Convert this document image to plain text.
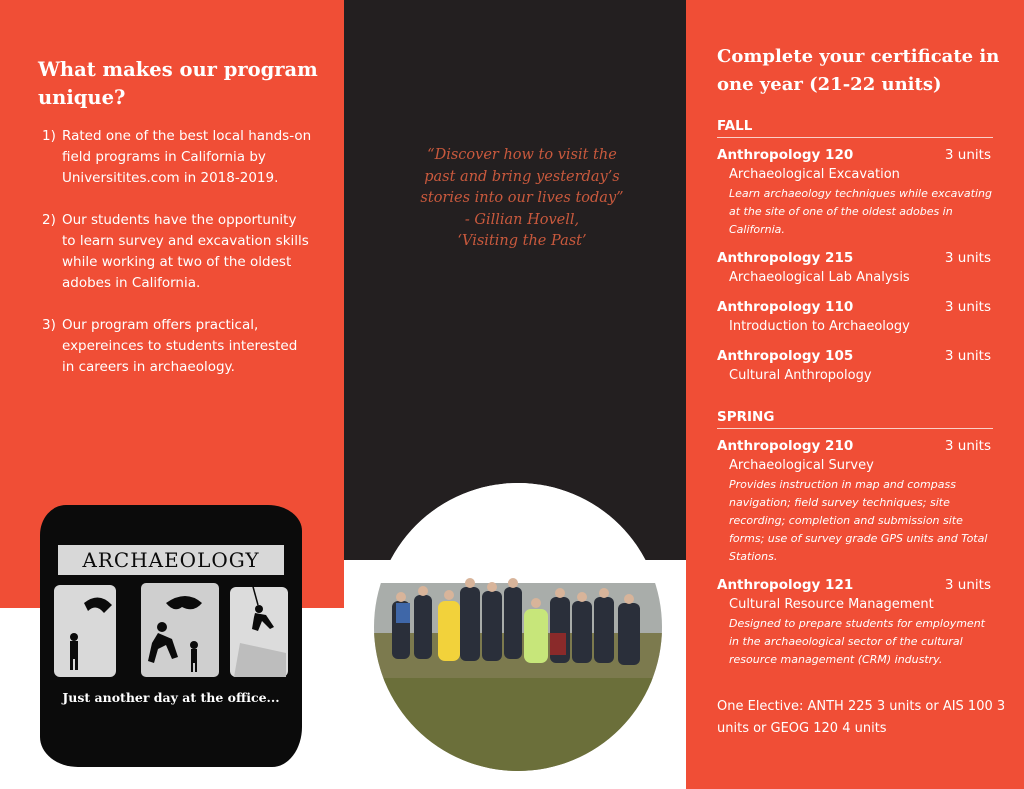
What makes our program unique?
1) Rated one of the best local hands-on field programs in California by Universitites.com in 2018-2019.
2) Our students have the opportunity to learn survey and excavation skills while working at two of the oldest adobes in California.
3) Our program offers practical, expereinces to students interested in careers in archaeology.
ARCHAEOLOGY
Just another day at the office...

“Discover how to visit the
past and bring yesterday’s
stories into our lives today”
- Gillian Hovell,
‘Visiting the Past’

Complete your certificate in one year (21-22 units)
FALL
Anthropology 120	3 units
Archaeological Excavation
Learn archaeology techniques while excavating at the site of one of the oldest adobes in California.
Anthropology 215	3 units
Archaeological Lab Analysis
Anthropology 110	3 units
Introduction to Archaeology
Anthropology 105	3 units
Cultural Anthropology
SPRING
Anthropology 210	3 units
Archaeological Survey
Provides instruction in map and compass navigation; field survey techniques; site recording; completion and submission site forms; use of survey grade GPS units and Total Stations.
Anthropology 121	3 units
Cultural Resource Management
Designed to prepare students for employment in the archaeological sector of the cultural resource management (CRM) industry.

One Elective: ANTH 225 3 units or AIS 100 3 units or GEOG 120 4 units
